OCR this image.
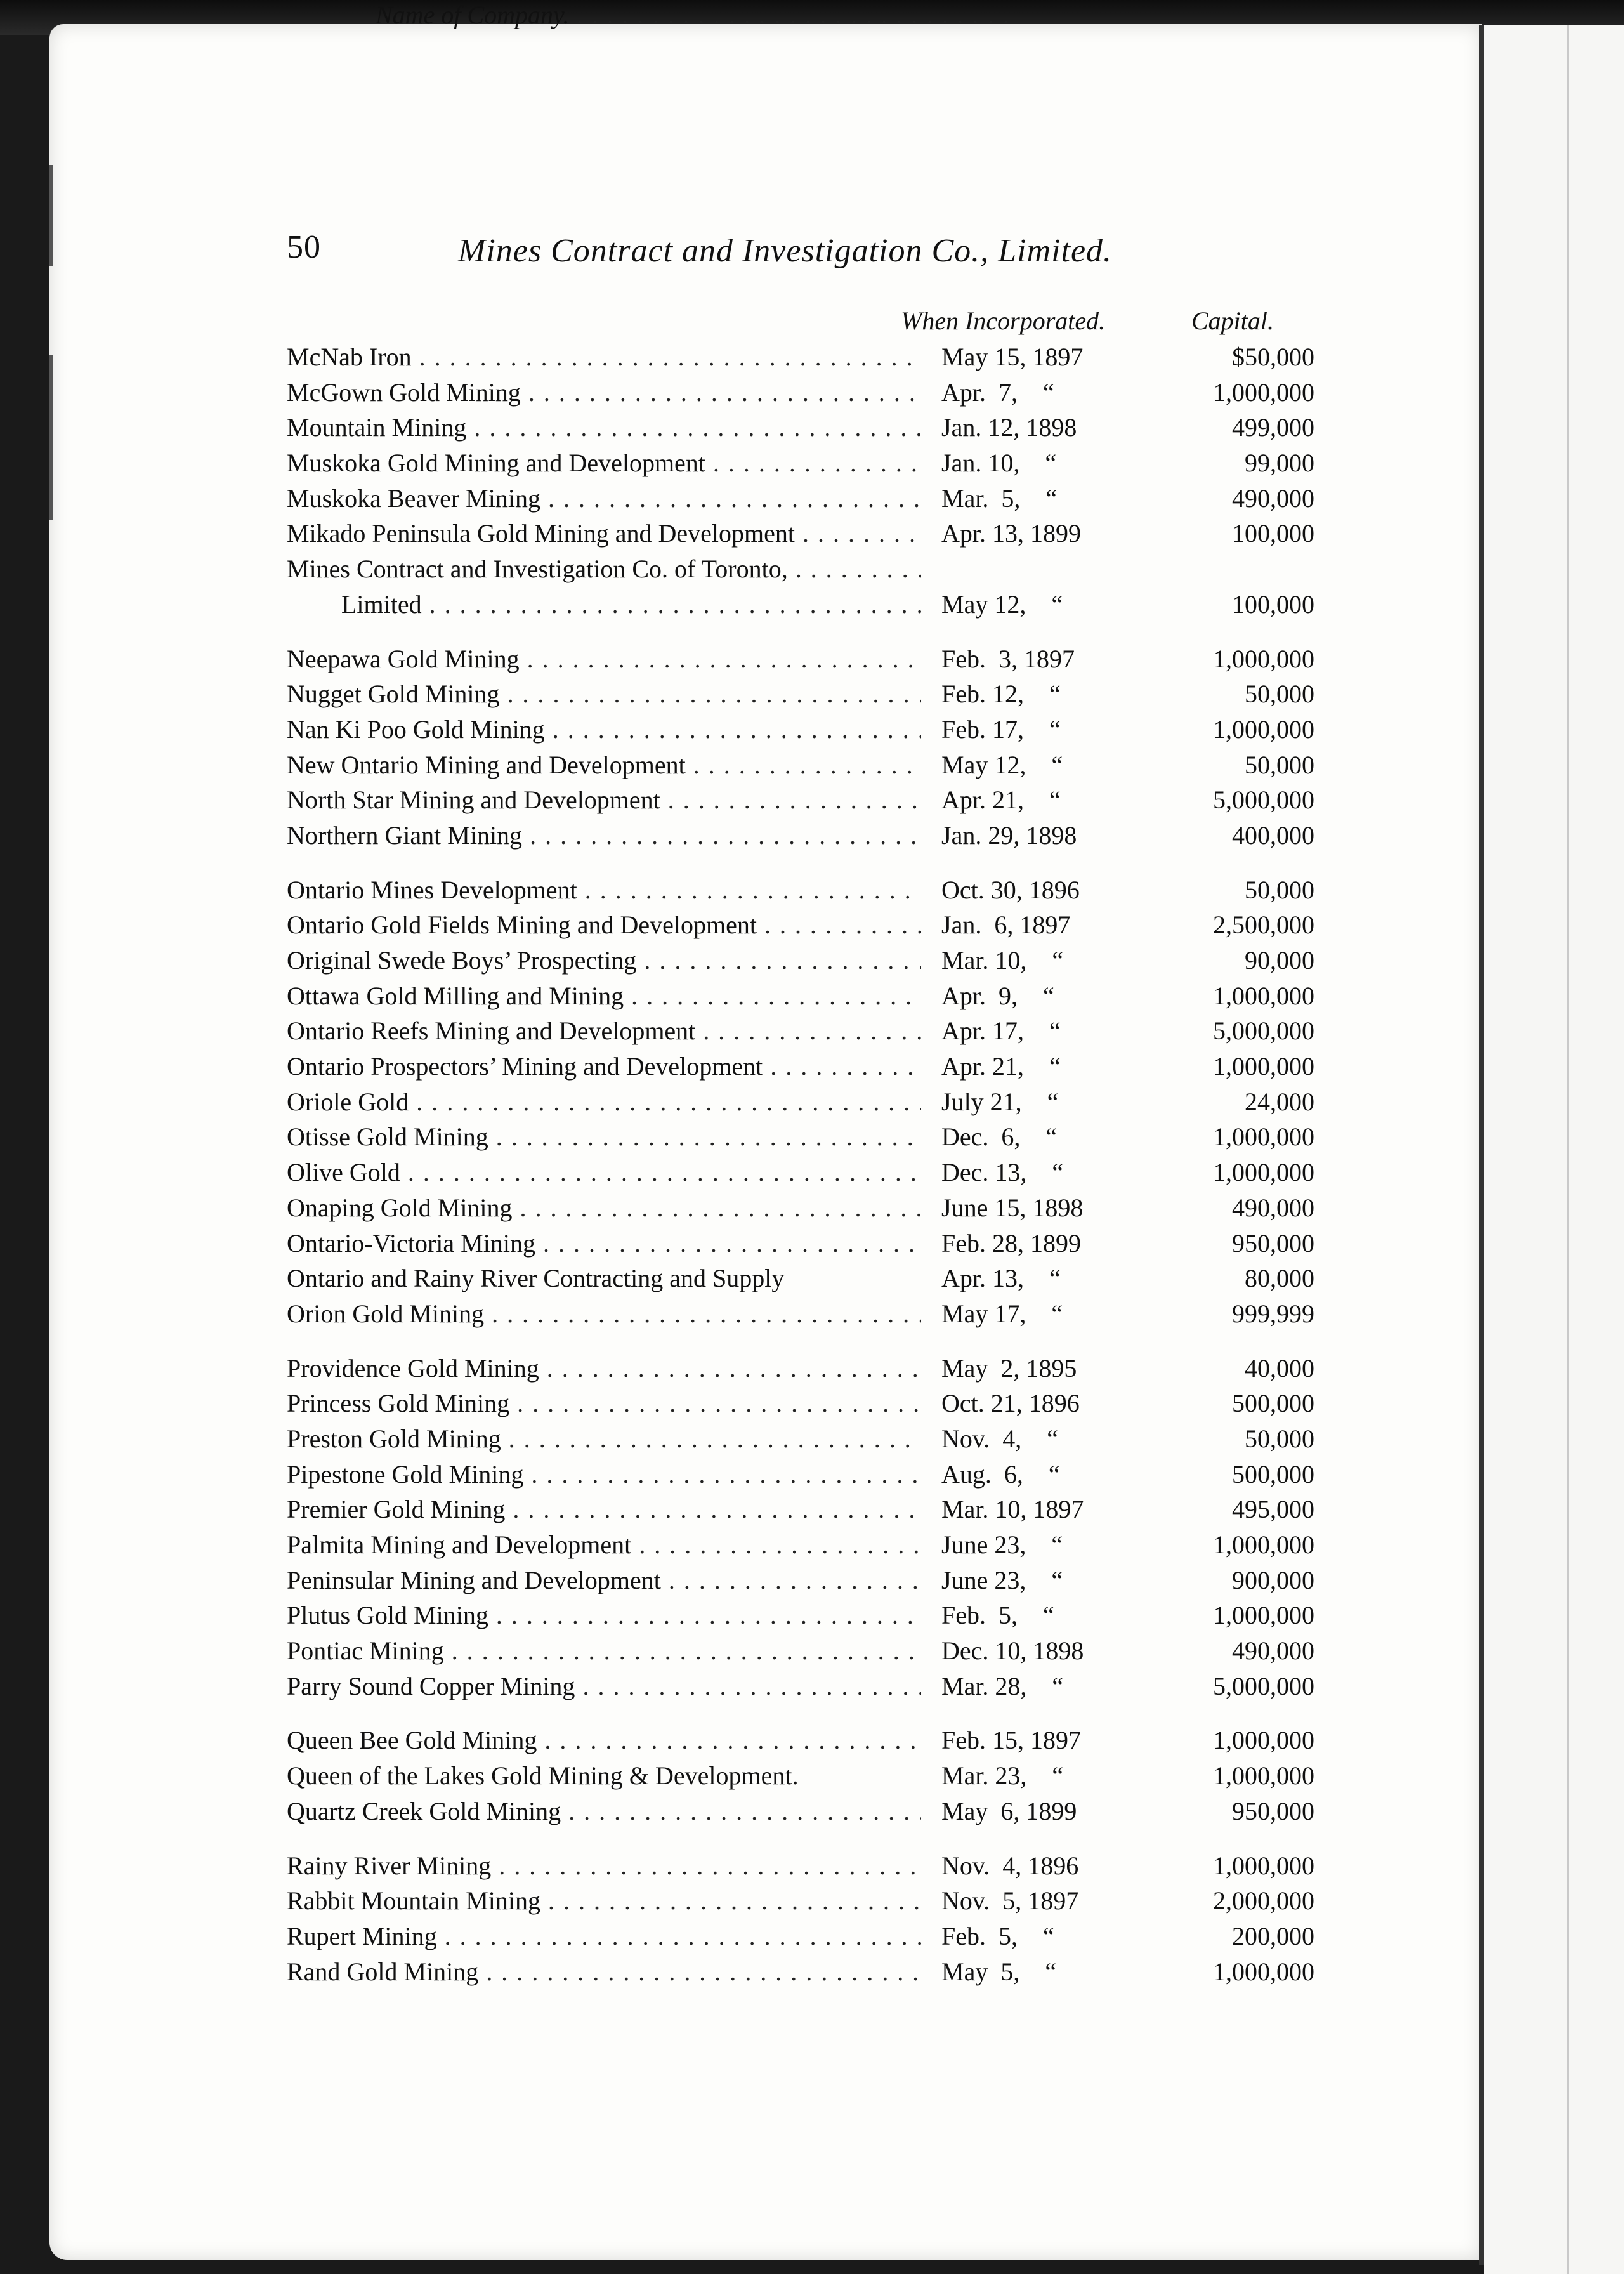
50	Mines Contract and Investigation Co., Limited.
Name of Company. . . .
When Incorporated.	Capital.
McNab Iron . . .	May 15, 1897	$50,000
McGown Gold Mining . . .	Apr.  7,    “	1,000,000
Mountain Mining . . .	Jan. 12, 1898	499,000
Muskoka Gold Mining and Development . . .	Jan. 10,    “	99,000
Muskoka Beaver Mining . . .	Mar.  5,    “	490,000
Mikado Peninsula Gold Mining and Development . . .	Apr. 13, 1899	100,000
Mines Contract and Investigation Co. of Toronto, . . .
Limited . . .	May 12,    “	100,000
Neepawa Gold Mining . . .	Feb.  3, 1897	1,000,000
Nugget Gold Mining . . .	Feb. 12,    “	50,000
Nan Ki Poo Gold Mining . . .	Feb. 17,    “	1,000,000
New Ontario Mining and Development . . .	May 12,    “	50,000
North Star Mining and Development . . .	Apr. 21,    “	5,000,000
Northern Giant Mining . . .	Jan. 29, 1898	400,000
Ontario Mines Development . . .	Oct. 30, 1896	50,000
Ontario Gold Fields Mining and Development . . .	Jan.  6, 1897	2,500,000
Original Swede Boys’ Prospecting . . .	Mar. 10,    “	90,000
Ottawa Gold Milling and Mining . . .	Apr.  9,    “	1,000,000
Ontario Reefs Mining and Development . . .	Apr. 17,    “	5,000,000
Ontario Prospectors’ Mining and Development . . .	Apr. 21,    “	1,000,000
Oriole Gold . . .	July 21,    “	24,000
Otisse Gold Mining . . .	Dec.  6,    “	1,000,000
Olive Gold . . .	Dec. 13,    “	1,000,000
Onaping Gold Mining . . .	June 15, 1898	490,000
Ontario-Victoria Mining . . .	Feb. 28, 1899	950,000
Ontario and Rainy River Contracting and Supply	Apr. 13,    “	80,000
Orion Gold Mining . . .	May 17,    “	999,999
Providence Gold Mining . . .	May  2, 1895	40,000
Princess Gold Mining . . .	Oct. 21, 1896	500,000
Preston Gold Mining . . .	Nov.  4,    “	50,000
Pipestone Gold Mining . . .	Aug.  6,    “	500,000
Premier Gold Mining . . .	Mar. 10, 1897	495,000
Palmita Mining and Development . . .	June 23,    “	1,000,000
Peninsular Mining and Development . . .	June 23,    “	900,000
Plutus Gold Mining . . .	Feb.  5,    “	1,000,000
Pontiac Mining . . .	Dec. 10, 1898	490,000
Parry Sound Copper Mining . . .	Mar. 28,    “	5,000,000
Queen Bee Gold Mining . . .	Feb. 15, 1897	1,000,000
Queen of the Lakes Gold Mining & Development.	Mar. 23,    “	1,000,000
Quartz Creek Gold Mining . . .	May  6, 1899	950,000
Rainy River Mining . . .	Nov.  4, 1896	1,000,000
Rabbit Mountain Mining . . .	Nov.  5, 1897	2,000,000
Rupert Mining . . .	Feb.  5,    “	200,000
Rand Gold Mining . . .	May  5,    “	1,000,000
